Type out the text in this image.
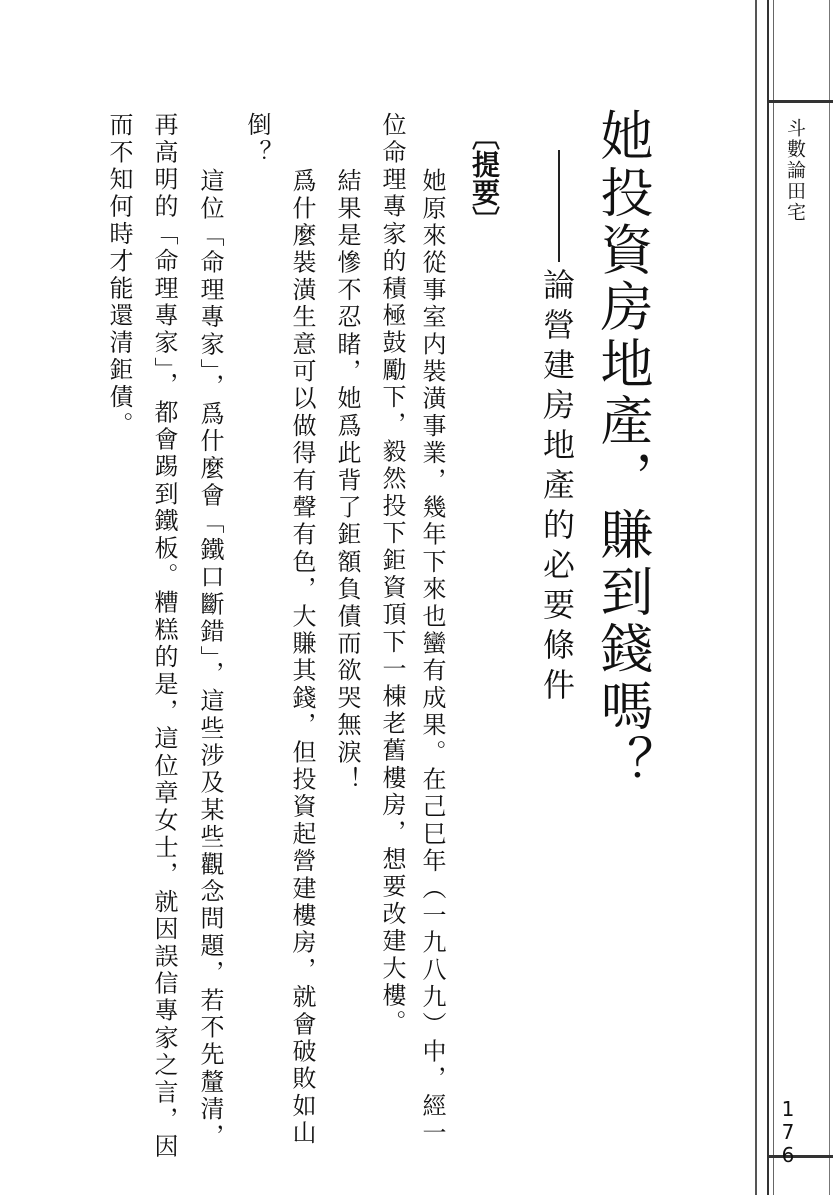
斗數論田宅

1
7
6
她投資房地產，賺到錢嗎？
論營建房地產的必要條件
〔提要〕
她原來從事室内裝潢事業，幾年下來也蠻有成果。在己巳年（一九八九）中，經一
位命理專家的積極鼓勵下，毅然投下鉅資頂下一棟老舊樓房，想要改建大樓。
結果是慘不忍睹，她爲此背了鉅額負債而欲哭無淚！
爲什麼裝潢生意可以做得有聲有色，大賺其錢，但投資起營建樓房，就會破敗如山
倒？
這位「命理專家」，爲什麼會「鐵口斷錯」，這些涉及某些觀念問題，若不先釐清，
再高明的「命理專家」，都會踢到鐵板。糟糕的是，這位章女士，就因誤信專家之言，因
而不知何時才能還清鉅債。
